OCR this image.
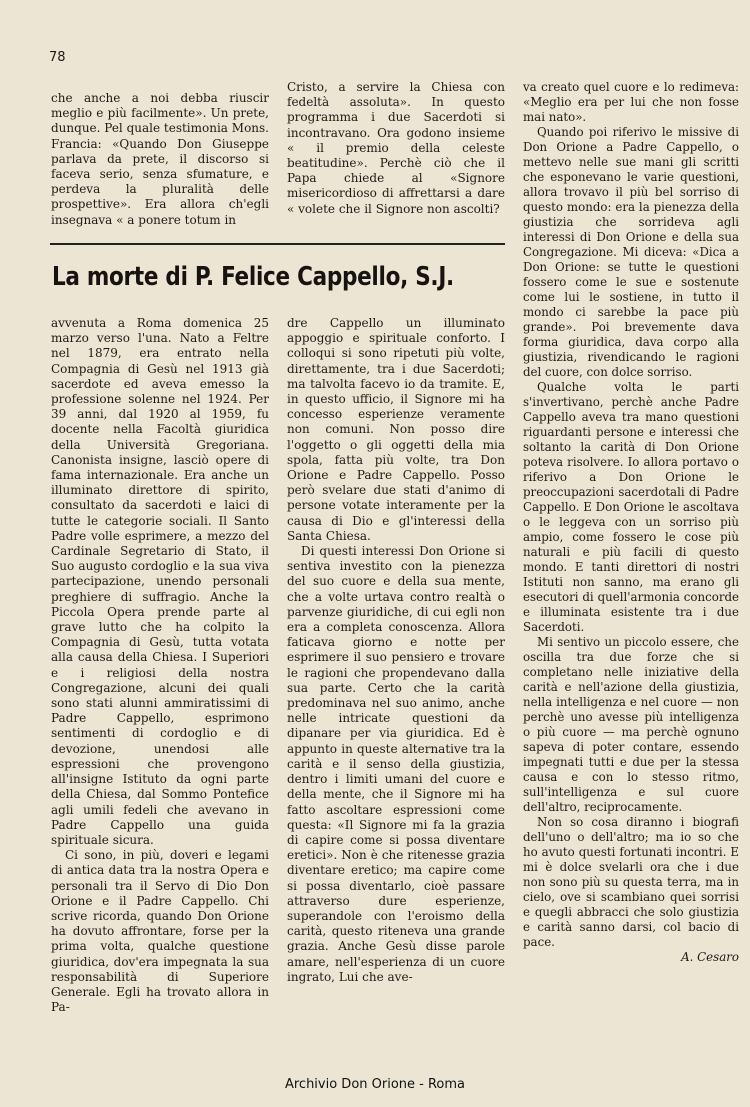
78

che anche a noi debba riuscir meglio e più facilmente». Un prete, dunque. Pel quale testimonia Mons. Francia: «Quando Don Giuseppe parlava da prete, il discorso si faceva serio, senza sfumature, e perdeva la pluralità delle prospettive». Era allora ch'egli insegnava « a ponere totum in

Cristo, a servire la Chiesa con fedeltà assoluta». In questo programma i due Sacerdoti si incontravano. Ora godono insieme « il premio della celeste beatitudine». Perchè ciò che il Papa chiede al «Signore misericordioso di affrettarsi a dare « volete che il Signore non ascolti?

La morte di P. Felice Cappello, S.J.

avvenuta a Roma domenica 25 marzo verso l'una. Nato a Feltre nel 1879, era entrato nella Compagnia di Gesù nel 1913 già sacerdote ed aveva emesso la professione solenne nel 1924. Per 39 anni, dal 1920 al 1959, fu docente nella Facoltà giuridica della Università Gregoriana. Canonista insigne, lasciò opere di fama internazionale. Era anche un illuminato direttore di spirito, consultato da sacerdoti e laici di tutte le categorie sociali. Il Santo Padre volle esprimere, a mezzo del Cardinale Segretario di Stato, il Suo augusto cordoglio e la sua viva partecipazione, unendo personali preghiere di suffragio. Anche la Piccola Opera prende parte al grave lutto che ha colpito la Compagnia di Gesù, tutta votata alla causa della Chiesa. I Superiori e i religiosi della nostra Congregazione, alcuni dei quali sono stati alunni ammiratissimi di Padre Cappello, esprimono sentimenti di cordoglio e di devozione, unendosi alle espressioni che provengono all'insigne Istituto da ogni parte della Chiesa, dal Sommo Pontefice agli umili fedeli che avevano in Padre Cappello una guida spirituale sicura.

Ci sono, in più, doveri e legami di antica data tra la nostra Opera e personali tra il Servo di Dio Don Orione e il Padre Cappello. Chi scrive ricorda, quando Don Orione ha dovuto affrontare, forse per la prima volta, qualche questione giuridica, dov'era impegnata la sua responsabilità di Superiore Generale. Egli ha trovato allora in Pa-

dre Cappello un illuminato appoggio e spirituale conforto. I colloqui si sono ripetuti più volte, direttamente, tra i due Sacerdoti; ma talvolta facevo io da tramite. E, in questo ufficio, il Signore mi ha concesso esperienze veramente non comuni. Non posso dire l'oggetto o gli oggetti della mia spola, fatta più volte, tra Don Orione e Padre Cappello. Posso però svelare due stati d'animo di persone votate interamente per la causa di Dio e gl'interessi della Santa Chiesa.

Di questi interessi Don Orione si sentiva investito con la pienezza del suo cuore e della sua mente, che a volte urtava contro realtà o parvenze giuridiche, di cui egli non era a completa conoscenza. Allora faticava giorno e notte per esprimere il suo pensiero e trovare le ragioni che propendevano dalla sua parte. Certo che la carità predominava nel suo animo, anche nelle intricate questioni da dipanare per via giuridica. Ed è appunto in queste alternative tra la carità e il senso della giustizia, dentro i limiti umani del cuore e della mente, che il Signore mi ha fatto ascoltare espressioni come questa: «Il Signore mi fa la grazia di capire come si possa diventare eretici». Non è che ritenesse grazia diventare eretico; ma capire come si possa diventarlo, cioè passare attraverso dure esperienze, superandole con l'eroismo della carità, questo riteneva una grande grazia. Anche Gesù disse parole amare, nell'esperienza di un cuore ingrato, Lui che ave-

va creato quel cuore e lo redimeva: «Meglio era per lui che non fosse mai nato».

Quando poi riferivo le missive di Don Orione a Padre Cappello, o mettevo nelle sue mani gli scritti che esponevano le varie questioni, allora trovavo il più bel sorriso di questo mondo: era la pienezza della giustizia che sorrideva agli interessi di Don Orione e della sua Congregazione. Mi diceva: «Dica a Don Orione: se tutte le questioni fossero come le sue e sostenute come lui le sostiene, in tutto il mondo ci sarebbe la pace più grande». Poi brevemente dava forma giuridica, dava corpo alla giustizia, rivendicando le ragioni del cuore, con dolce sorriso.

Qualche volta le parti s'invertivano, perchè anche Padre Cappello aveva tra mano questioni riguardanti persone e interessi che soltanto la carità di Don Orione poteva risolvere. Io allora portavo o riferivo a Don Orione le preoccupazioni sacerdotali di Padre Cappello. E Don Orione le ascoltava o le leggeva con un sorriso più ampio, come fossero le cose più naturali e più facili di questo mondo. E tanti direttori di nostri Istituti non sanno, ma erano gli esecutori di quell'armonia concorde e illuminata esistente tra i due Sacerdoti.

Mi sentivo un piccolo essere, che oscilla tra due forze che si completano nelle iniziative della carità e nell'azione della giustizia, nella intelligenza e nel cuore — non perchè uno avesse più intelligenza o più cuore — ma perchè ognuno sapeva di poter contare, essendo impegnati tutti e due per la stessa causa e con lo stesso ritmo, sull'intelligenza e sul cuore dell'altro, reciprocamente.

Non so cosa diranno i biografi dell'uno o dell'altro; ma io so che ho avuto questi fortunati incontri. E mi è dolce svelarli ora che i due non sono più su questa terra, ma in cielo, ove si scambiano quei sorrisi e quegli abbracci che solo giustizia e carità sanno darsi, col bacio di pace.

A. Cesaro

Archivio Don Orione - Roma
